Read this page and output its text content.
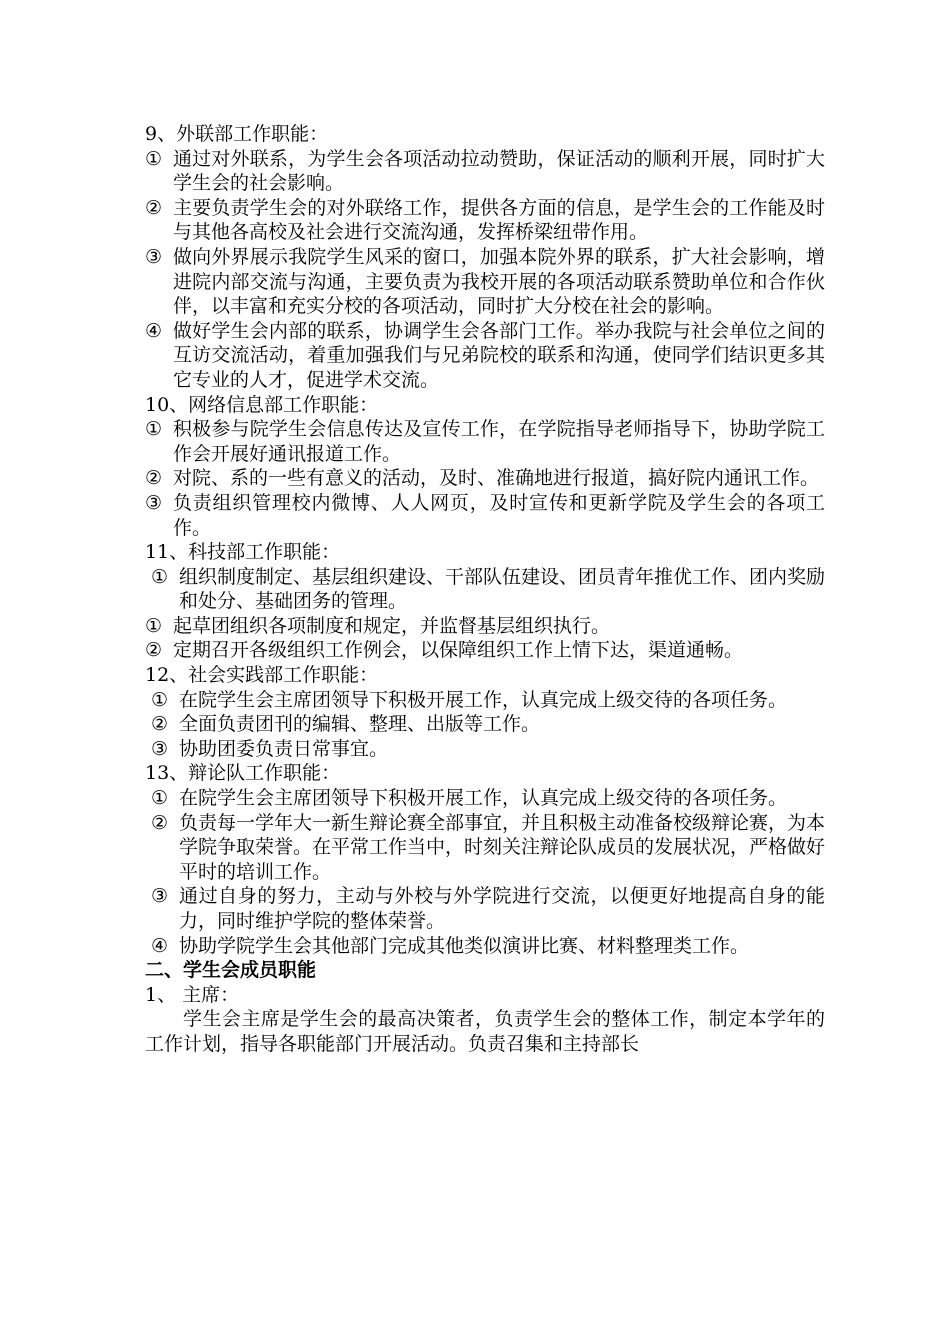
9、外联部工作职能：
① 通过对外联系，为学生会各项活动拉动赞助，保证活动的顺利开展，同时扩大学生会的社会影响。
② 主要负责学生会的对外联络工作，提供各方面的信息，是学生会的工作能及时与其他各高校及社会进行交流沟通，发挥桥梁纽带作用。
③ 做向外界展示我院学生风采的窗口，加强本院外界的联系，扩大社会影响，增进院内部交流与沟通，主要负责为我校开展的各项活动联系赞助单位和合作伙伴，以丰富和充实分校的各项活动，同时扩大分校在社会的影响。
④ 做好学生会内部的联系，协调学生会各部门工作。举办我院与社会单位之间的互访交流活动，着重加强我们与兄弟院校的联系和沟通，使同学们结识更多其它专业的人才，促进学术交流。
10、网络信息部工作职能：
① 积极参与院学生会信息传达及宣传工作，在学院指导老师指导下，协助学院工作会开展好通讯报道工作。
② 对院、系的一些有意义的活动，及时、准确地进行报道，搞好院内通讯工作。
③ 负责组织管理校内微博、人人网页，及时宣传和更新学院及学生会的各项工作。
11、科技部工作职能：
① 组织制度制定、基层组织建设、干部队伍建设、团员青年推优工作、团内奖励和处分、基础团务的管理。
① 起草团组织各项制度和规定，并监督基层组织执行。
② 定期召开各级组织工作例会，以保障组织工作上情下达，渠道通畅。
12、社会实践部工作职能：
① 在院学生会主席团领导下积极开展工作，认真完成上级交待的各项任务。
② 全面负责团刊的编辑、整理、出版等工作。
③ 协助团委负责日常事宜。
13、辩论队工作职能：
① 在院学生会主席团领导下积极开展工作，认真完成上级交待的各项任务。
② 负责每一学年大一新生辩论赛全部事宜，并且积极主动准备校级辩论赛，为本学院争取荣誉。在平常工作当中，时刻关注辩论队成员的发展状况，严格做好平时的培训工作。
③ 通过自身的努力，主动与外校与外学院进行交流，以便更好地提高自身的能力，同时维护学院的整体荣誉。
④ 协助学院学生会其他部门完成其他类似演讲比赛、材料整理类工作。
二、学生会成员职能
1、 主席：
学生会主席是学生会的最高决策者，负责学生会的整体工作，制定本学年的工作计划，指导各职能部门开展活动。负责召集和主持部长
